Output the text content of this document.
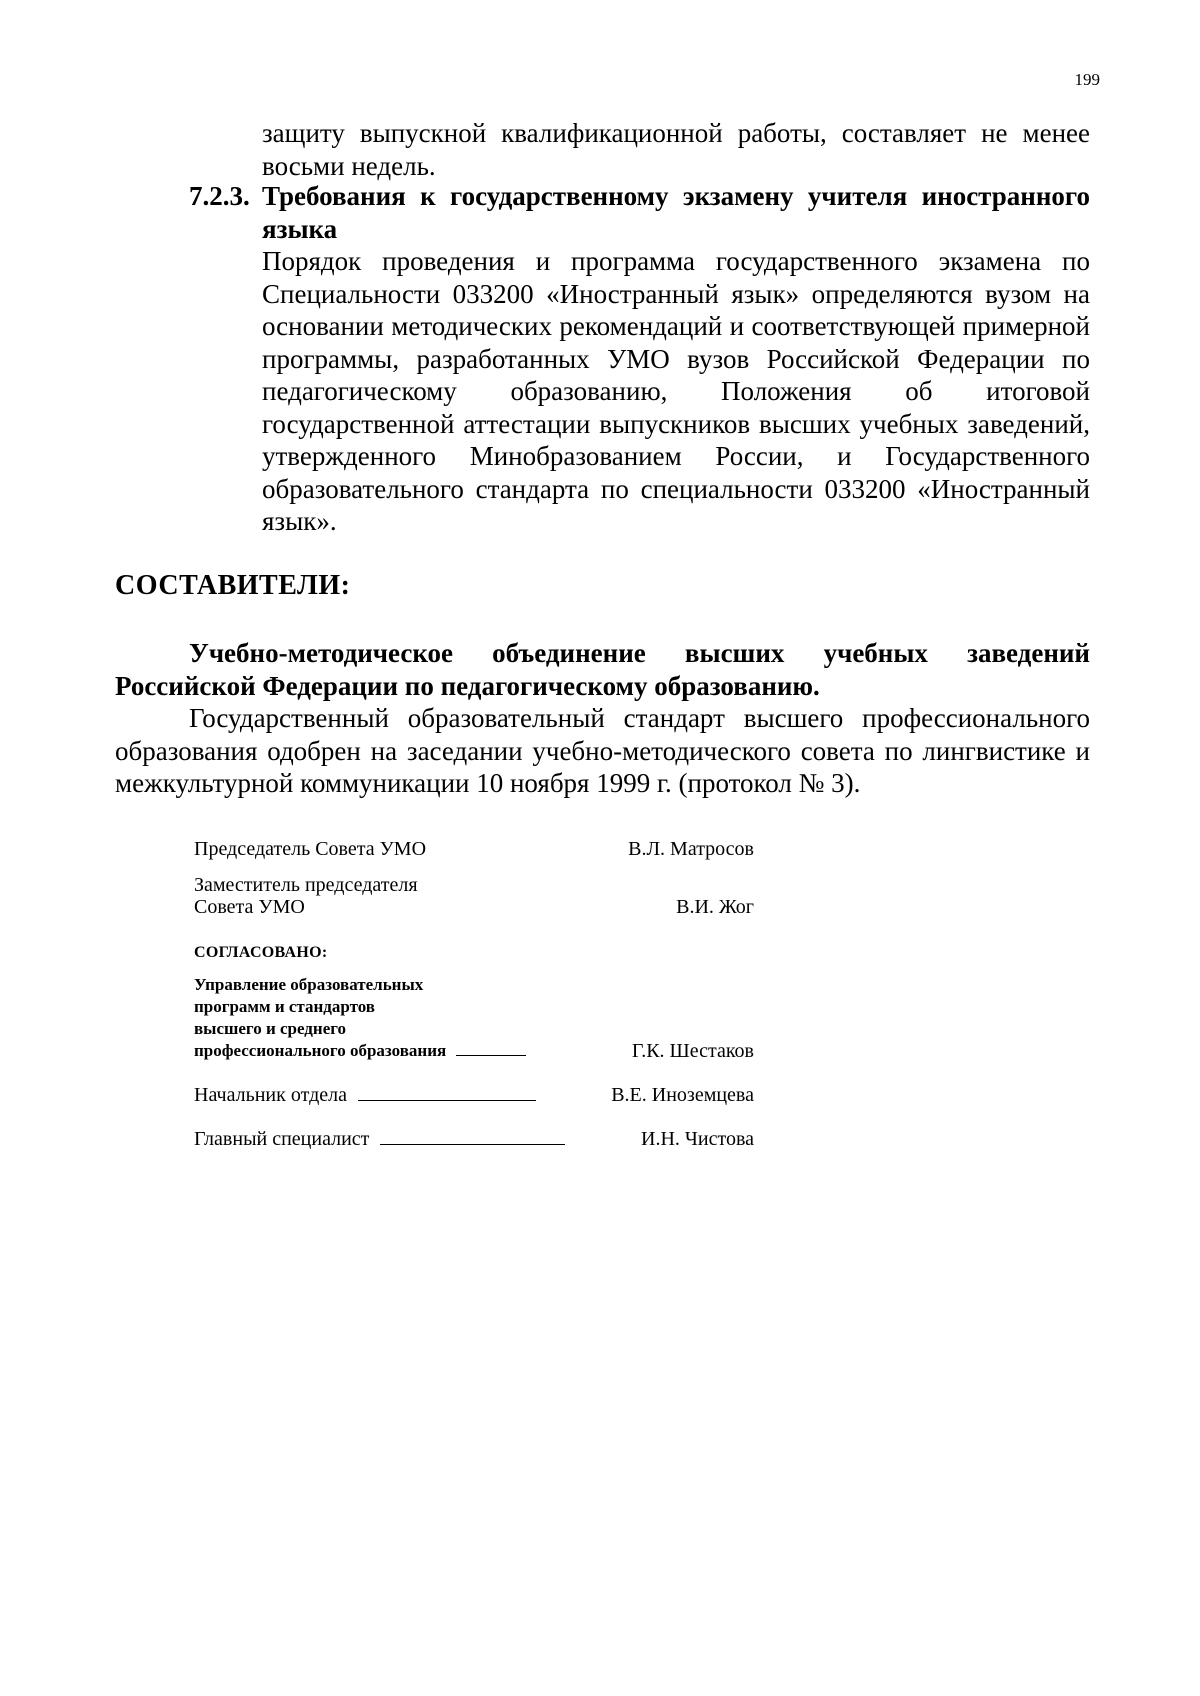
199
защиту выпускной квалификационной работы, составляет не менее восьми недель.
7.2.3. Требования к государственному экзамену учителя иностранного
языка
Порядок проведения и программа государственного экзамена по Специальности 033200 «Иностранный язык» определяются вузом на основании методических рекомендаций и соответствующей примерной программы, разработанных УМО вузов Российской Федерации по педагогическому образованию, Положения об итоговой государственной аттестации выпускников высших учебных заведений, утвержденного Минобразованием России, и Государственного образовательного стандарта по специальности 033200 «Иностранный язык».
СОСТАВИТЕЛИ:
Учебно-методическое объединение высших учебных заведений Российской Федерации по педагогическому образованию.
Государственный образовательный стандарт высшего профессионального образования одобрен на заседании учебно-методического совета по лингвистике и межкультурной коммуникации 10 ноября 1999 г. (протокол № 3).
Председатель Совета УМО	В.Л. Матросов
Заместитель председателя
Совета УМО	В.И. Жог
СОГЛАСОВАНО:
Управление образовательных
программ и стандартов
высшего и среднего
профессионального образования	Г.К. Шестаков
Начальник отдела	В.Е. Иноземцева
Главный специалист	И.Н. Чистова
